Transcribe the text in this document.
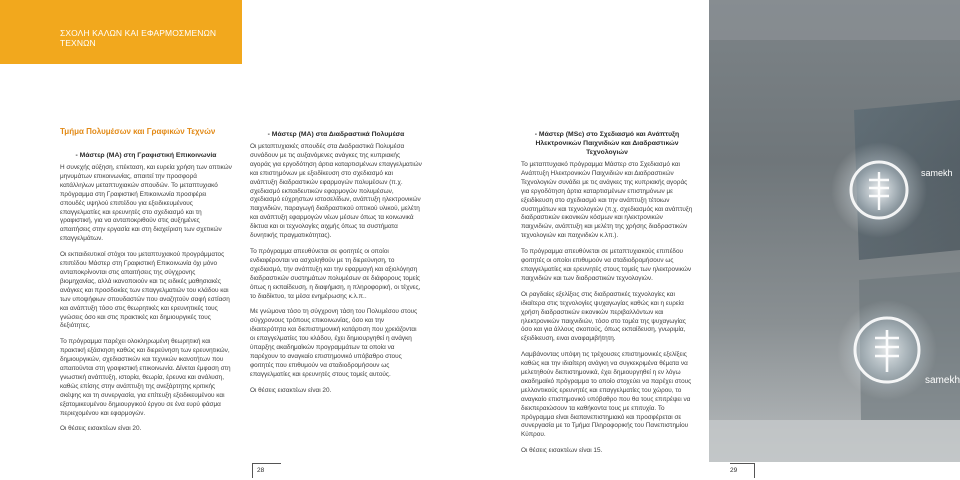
ΣΧΟΛΗ ΚΑΛΩΝ ΚΑΙ ΕΦΑΡΜΟΣΜΕΝΩΝ ΤΕΧΝΩΝ
Τμήμα Πολυμέσων και Γραφικών Τεχνών
- Μάστερ (ΜΑ) στη Γραφιστική Επικοινωνία

Η συνεχής αύξηση, επέκταση, και ευρεία χρήση των οπτικών μηνυμάτων επικοινωνίας, απαιτεί την προσφορά κατάλληλων μεταπτυχιακών σπουδών. Το μεταπτυχιακό πρόγραμμα στη Γραφιστική Επικοινωνία προσφέρει σπουδές υψηλού επιπέδου για εξειδικευμένους επαγγελματίες και ερευνητές στο σχεδιασμό και τη γραφιστική, για να ανταποκριθούν στις αυξημένες απαιτήσεις στην εργασία και στη διαχείριση των σχετικών επαγγελμάτων.

Οι εκπαιδευτικοί στόχοι του μεταπτυχιακού προγράμματος επιπέδου Μάστερ στη Γραφιστική Επικοινωνία όχι μόνο ανταποκρίνονται στις απαιτήσεις της σύγχρονης βιομηχανίας, αλλά ικανοποιούν και τις ειδικές μαθησιακές ανάγκες και προσδοκίες των επαγγελματιών του κλάδου και των υποψήφιων σπουδαστών που αναζητούν σαφή εστίαση και ανάπτυξη τόσο στις θεωρητικές και ερευνητικές τους γνώσεις όσο και στις πρακτικές και δημιουργικές τους δεξιότητες.

Το πρόγραμμα παρέχει ολοκληρωμένη θεωρητική και πρακτική εξάσκηση καθώς και διερεύνηση των ερευνητικών, δημιουργικών, σχεδιαστικών και τεχνικών ικανοτήτων που απαιτούνται στη γραφιστική επικοινωνία. Δίνεται έμφαση στη γνωστική ανάπτυξη, ιστορία, θεωρία, έρευνα και ανάλυση, καθώς επίσης στην ανάπτυξη της ανεξάρτητης κριτικής σκέψης και τη συνεργασία, για επίτευξη εξειδικευμένου και εξατομικευμένου δημιουργικού έργου σε ένα ευρύ φάσμα περιεχομένου και εφαρμογών.

Οι θέσεις εισακτέων είναι 20.

- Μάστερ (ΜΑ) στα Διαδραστικά Πολυμέσα

Οι μεταπτυχιακές σπουδές στα Διαδραστικά Πολυμέσα συνάδουν με τις αυξανόμενες ανάγκες της κυπριακής αγοράς για εργοδότηση άρτια καταρτισμένων επαγγελματιών και επιστημόνων με εξειδίκευση στο σχεδιασμό και ανάπτυξη διαδραστικών εφαρμογών πολυμέσων (π.χ. σχεδιασμό εκπαιδευτικών εφαρμογών πολυμέσων, σχεδιασμό εύχρηστων ιστοσελίδων, ανάπτυξη ηλεκτρονικών παιχνιδιών, παραγωγή διαδραστικού οπτικού υλικού, μελέτη και ανάπτυξη εφαρμογών νέων μέσων όπως τα κοινωνικά δίκτυα και οι τεχνολογίες αιχμής όπως τα συστήματα δυνητικής πραγματικότητας).

Το πρόγραμμα απευθύνεται σε φοιτητές οι οποίοι ενδιαφέρονται να ασχοληθούν με τη διερεύνηση, το σχεδιασμό, την ανάπτυξη και την εφαρμογή και αξιολόγηση διαδραστικών συστημάτων πολυμέσων σε διάφορους τομείς όπως η εκπαίδευση, η διαφήμιση, η πληροφορική, οι τέχνες, το διαδίκτυο, τα μέσα ενημέρωσης κ.λ.π..

Με γνώμονα τόσο τη σύγχρονη τάση του Πολυμέσου στους σύγχρονους τρόπους επικοινωνίας, όσο και την ιδιαιτερότητα και διεπιστημονική κατάρτιση που χρειάζονται οι επαγγελματίες του κλάδου, έχει δημιουργηθεί η ανάγκη ύπαρξης ακαδημαϊκών προγραμμάτων τα οποία να παρέχουν το αναγκαίο επιστημονικό υπόβαθρο στους φοιτητές που επιθυμούν να σταδιοδρομήσουν ως επαγγελματίες και ερευνητές στους τομείς αυτούς.

Οι θέσεις εισακτέων είναι 20.

28
- Μάστερ (MSc) στο Σχεδιασμό και Ανάπτυξη Ηλεκτρονικών Παιχνιδιών και Διαδραστικών Τεχνολογιών

Το μεταπτυχιακό πρόγραμμα Μάστερ στο Σχεδιασμό και Ανάπτυξη Ηλεκτρονικών Παιχνιδιών και Διαδραστικών Τεχνολογιών συνάδει με τις ανάγκες της κυπριακής αγοράς για εργοδότηση άρτια καταρτισμένων επιστημόνων με εξειδίκευση στο σχεδιασμό και την ανάπτυξη τέτοιων συστημάτων και τεχνολογιών (π.χ. σχεδιασμός και ανάπτυξη διαδραστικών εικονικών κόσμων και ηλεκτρονικών παιχνιδιών, ανάπτυξη και μελέτη της χρήσης διαδραστικών τεχνολογιών και παιχνιδιών κ.λπ.).

Το πρόγραμμα απευθύνεται σε μεταπτυχιακούς επιπέδου φοιτητές οι οποίοι επιθυμούν να σταδιοδρομήσουν ως επαγγελματίες και ερευνητές στους τομείς των ηλεκτρονικών παιχνιδιών και των διαδραστικών τεχνολογιών.

Οι ραγδαίες εξελίξεις στις διαδραστικές τεχνολογίες και ιδιαίτερα στις τεχνολογίες ψυχαγωγίας καθώς και η ευρεία χρήση διαδραστικών εικονικών περιβαλλόντων και ηλεκτρονικών παιχνιδιών, τόσο στο τομέα της ψυχαγωγίας όσο και για άλλους σκοπούς, όπως εκπαίδευση, γνωριμία, εξειδίκευση, ειναι αναφαμιβήτητη.

Λαμβάνοντας υπόψη τις τρέχουσες επιστημονικές εξελίξεις καθώς και την ιδιαίτερη ανάγκη να συγκεκριμένα θέματα να μελετηθούν διεπιστημονικά, έχει δημιουργηθεί η εν λόγω ακαδημαϊκό πρόγραμμα το οποίο στοχεύει να παρέχει στους μελλοντικούς ερευνητές και επαγγελματίες του χώρου, το αναγκαίο επιστημονικό υπόβαθρο που θα τους επιτρέψει να διεκπεραιώσουν τα καθήκοντα τους με επιτυχία. Το πρόγραμμα είναι διαπανεπιστημιακό και προσφέρεται σε συνεργασία με το Τμήμα Πληροφορικής του Πανεπιστημίου Κύπρου.

Οι θέσεις εισακτέων είναι 15.

29
samekh
samekh
